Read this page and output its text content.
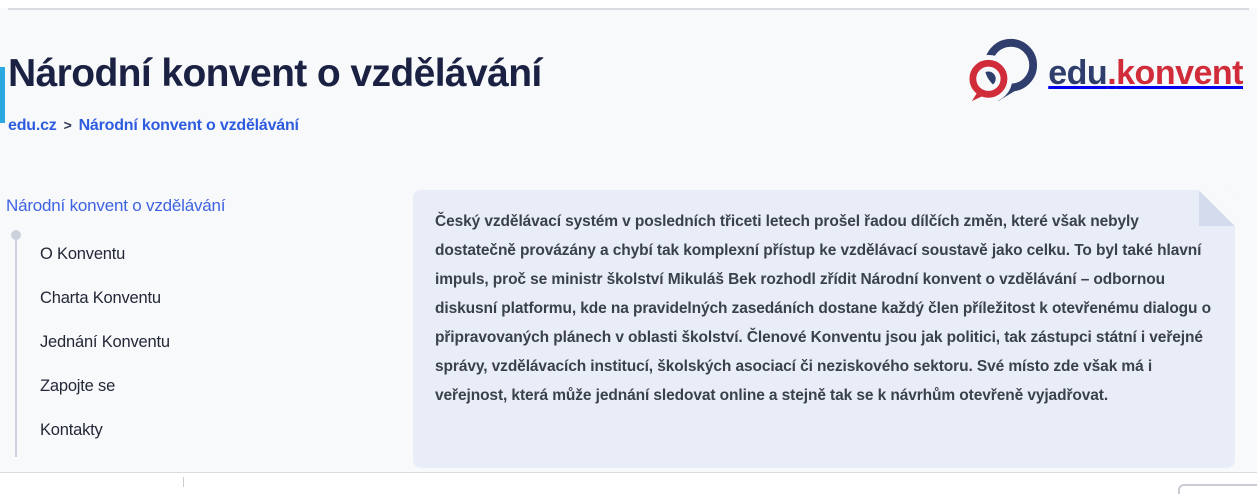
Národní konvent o vzdělávání
edu.cz > Národní konvent o vzdělávání
edu.konvent
Národní konvent o vzdělávání
O Konventu
Charta Konventu
Jednání Konventu
Zapojte se
Kontakty

Český vzdělávací systém v posledních třiceti letech prošel řadou dílčích změn, které však nebyly dostatečně provázány a chybí tak komplexní přístup ke vzdělávací soustavě jako celku. To byl také hlavní impuls, proč se ministr školství Mikuláš Bek rozhodl zřídit Národní konvent o vzdělávání – odbornou diskusní platformu, kde na pravidelných zasedáních dostane každý člen příležitost k otevřenému dialogu o připravovaných plánech v oblasti školství. Členové Konventu jsou jak politici, tak zástupci státní i veřejné správy, vzdělávacích institucí, školských asociací či neziskového sektoru. Své místo zde však má i veřejnost, která může jednání sledovat online a stejně tak se k návrhům otevřeně vyjadřovat.
